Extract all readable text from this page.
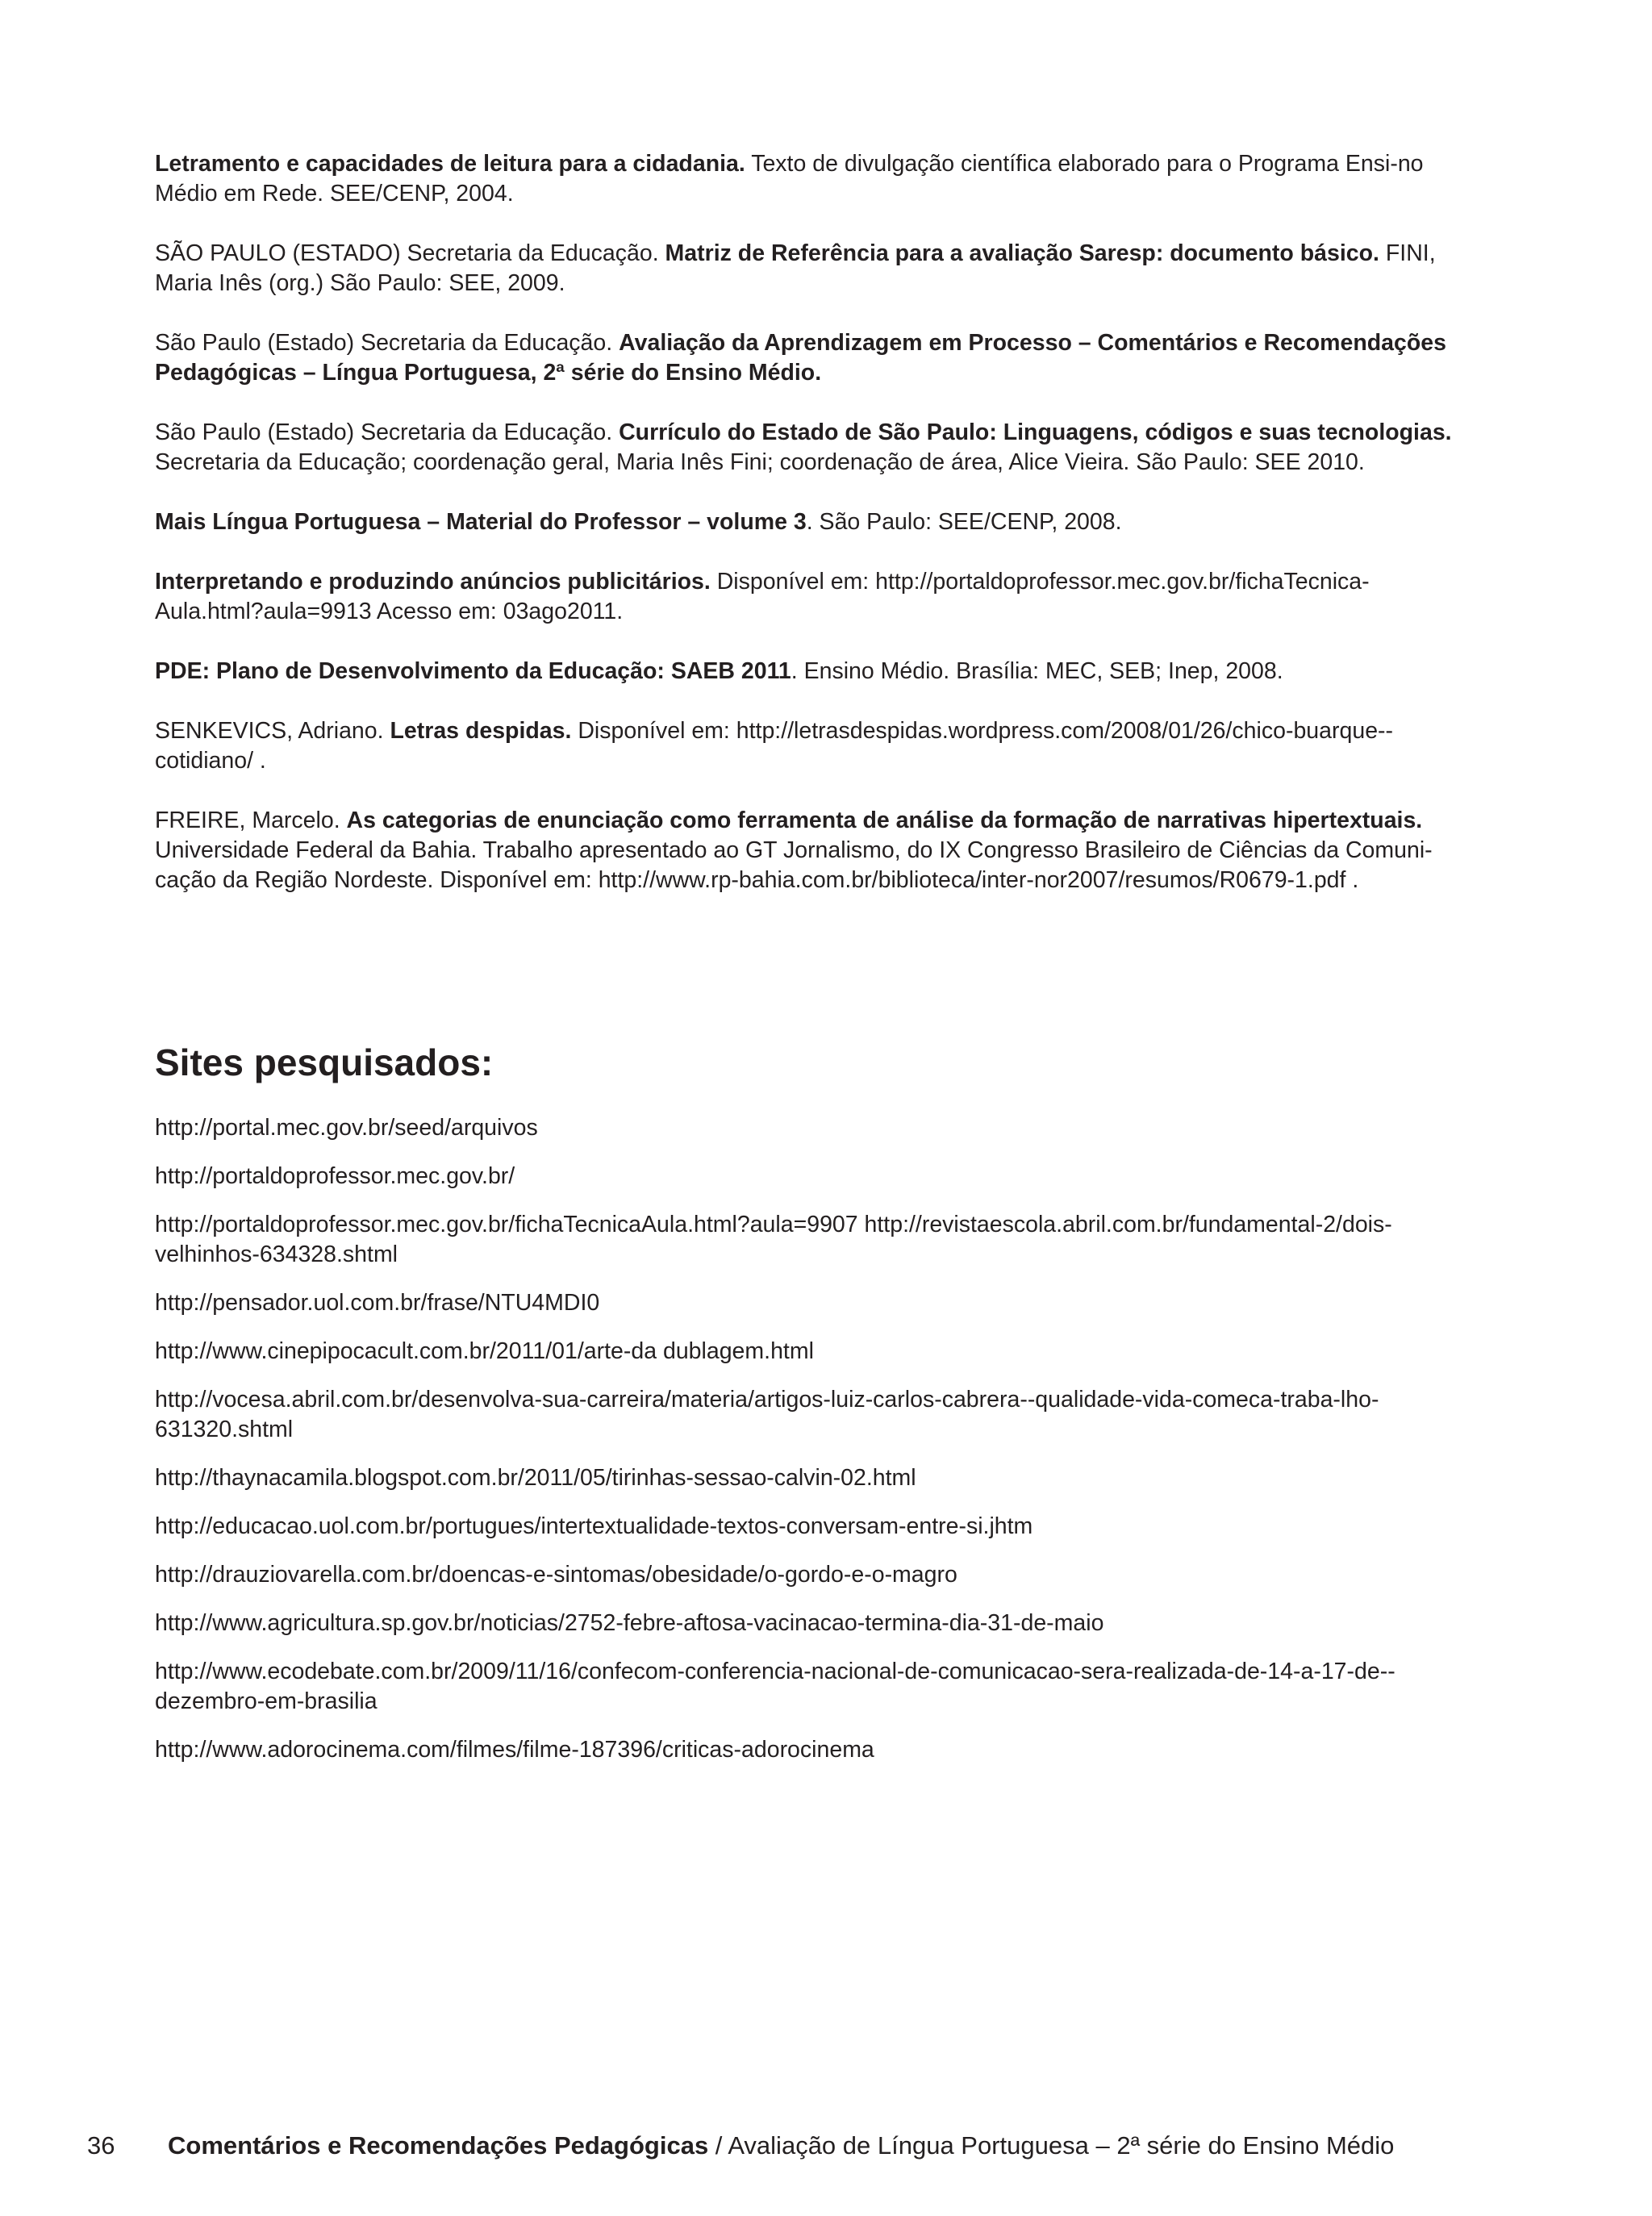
Letramento e capacidades de leitura para a cidadania. Texto de divulgação científica elaborado para o Programa Ensi-no Médio em Rede. SEE/CENP, 2004.

SÃO PAULO (ESTADO) Secretaria da Educação. Matriz de Referência para a avaliação Saresp: documento básico. FINI, Maria Inês (org.) São Paulo: SEE, 2009.

São Paulo (Estado) Secretaria da Educação. Avaliação da Aprendizagem em Processo – Comentários e Recomendações Pedagógicas – Língua Portuguesa, 2ª série do Ensino Médio.

São Paulo (Estado) Secretaria da Educação. Currículo do Estado de São Paulo: Linguagens, códigos e suas tecnologias. Secretaria da Educação; coordenação geral, Maria Inês Fini; coordenação de área, Alice Vieira. São Paulo: SEE 2010.

Mais Língua Portuguesa – Material do Professor – volume 3. São Paulo: SEE/CENP, 2008.

Interpretando e produzindo anúncios publicitários. Disponível em: http://portaldoprofessor.mec.gov.br/fichaTecnica-Aula.html?aula=9913 Acesso em: 03ago2011.

PDE: Plano de Desenvolvimento da Educação: SAEB 2011. Ensino Médio. Brasília: MEC, SEB; Inep, 2008.

SENKEVICS, Adriano. Letras despidas. Disponível em: http://letrasdespidas.wordpress.com/2008/01/26/chico-buarque--cotidiano/ .

FREIRE, Marcelo. As categorias de enunciação como ferramenta de análise da formação de narrativas hipertextuais. Universidade Federal da Bahia. Trabalho apresentado ao GT Jornalismo, do IX Congresso Brasileiro de Ciências da Comuni-cação da Região Nordeste. Disponível em: http://www.rp-bahia.com.br/biblioteca/inter-nor2007/resumos/R0679-1.pdf .

Sites pesquisados:
http://portal.mec.gov.br/seed/arquivos
http://portaldoprofessor.mec.gov.br/
http://portaldoprofessor.mec.gov.br/fichaTecnicaAula.html?aula=9907 http://revistaescola.abril.com.br/fundamental-2/dois-velhinhos-634328.shtml
http://pensador.uol.com.br/frase/NTU4MDI0
http://www.cinepipocacult.com.br/2011/01/arte-da dublagem.html
http://vocesa.abril.com.br/desenvolva-sua-carreira/materia/artigos-luiz-carlos-cabrera--qualidade-vida-comeca-traba-lho-631320.shtml
http://thaynacamila.blogspot.com.br/2011/05/tirinhas-sessao-calvin-02.html
http://educacao.uol.com.br/portugues/intertextualidade-textos-conversam-entre-si.jhtm
http://drauziovarella.com.br/doencas-e-sintomas/obesidade/o-gordo-e-o-magro
http://www.agricultura.sp.gov.br/noticias/2752-febre-aftosa-vacinacao-termina-dia-31-de-maio
http://www.ecodebate.com.br/2009/11/16/confecom-conferencia-nacional-de-comunicacao-sera-realizada-de-14-a-17-de--dezembro-em-brasilia
http://www.adorocinema.com/filmes/filme-187396/criticas-adorocinema
36 Comentários e Recomendações Pedagógicas / Avaliação de Língua Portuguesa – 2ª série do Ensino Médio
